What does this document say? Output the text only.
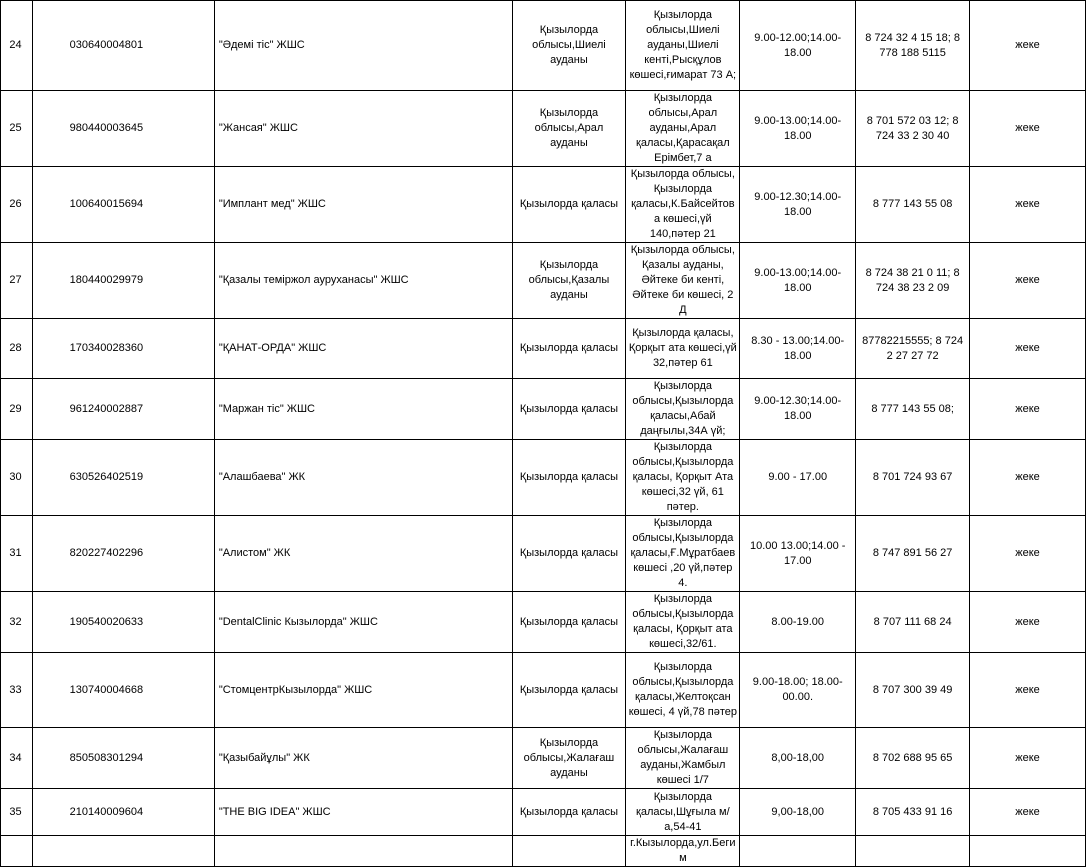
24	030640004801	"Әдемі тіс" ЖШС	Қызылорда облысы,Шиелі ауданы	Қызылорда облысы,Шиелі ауданы,Шиелі кенті,Рысқұлов көшесі,ғимарат 73 А;	9.00-12.00;14.00-18.00	8 724 32 4 15 18; 8 778 188 5115	жеке
25	980440003645	"Жансая" ЖШС	Қызылорда облысы,Арал ауданы	Қызылорда облысы,Арал ауданы,Арал қаласы,Қарасақал Ерімбет,7 а	9.00-13.00;14.00-18.00	8 701 572 03 12; 8 724 33 2 30 40	жеке
26	100640015694	"Имплант мед" ЖШС	Қызылорда қаласы	Қызылорда облысы, Қызылорда қаласы,К.Байсейтов а көшесі,үй 140,пәтер 21	9.00-12.30;14.00-18.00	8 777 143 55 08	жеке
27	180440029979	"Қазалы теміржол ауруханасы" ЖШС	Қызылорда облысы,Қазалы ауданы	Қызылорда облысы, Қазалы ауданы, Әйтеке би кенті, Әйтеке би көшесі, 2 Д	9.00-13.00;14.00-18.00	8 724 38 21 0 11; 8 724 38 23 2 09	жеке
28	170340028360	"ҚАНАТ-ОРДА" ЖШС	Қызылорда қаласы	Қызылорда қаласы, Қорқыт ата көшесі,үй 32,пәтер 61	8.30 - 13.00;14.00-18.00	87782215555; 8 724 2 27 27 72	жеке
29	961240002887	"Маржан тіс" ЖШС	Қызылорда қаласы	Қызылорда облысы,Қызылорда қаласы,Абай даңғылы,34А үй;	9.00-12.30;14.00-18.00	8 777 143 55 08;	жеке
30	630526402519	"Алашбаева" ЖК	Қызылорда қаласы	Қызылорда облысы,Қызылорда қаласы, Қорқыт Ата көшесі,32 үй, 61 пәтер.	9.00 - 17.00	8 701 724 93 67	жеке
31	820227402296	"Алистом" ЖК	Қызылорда қаласы	Қызылорда облысы,Қызылорда қаласы,Ғ.Мұратбаев көшесі ,20 үй,пәтер 4.	10.00 13.00;14.00 - 17.00	8 747 891 56 27	жеке
32	190540020633	"DentalClinic Кызылорда" ЖШС	Қызылорда қаласы	Қызылорда облысы,Қызылорда қаласы, Қорқыт ата көшесі,32/61.	8.00-19.00	8 707 111 68 24	жеке
33	130740004668	"СтомцентрКызылорда" ЖШС	Қызылорда қаласы	Қызылорда облысы,Қызылорда қаласы,Желтоқсан көшесі, 4 үй,78 пәтер	9.00-18.00; 18.00-00.00.	8 707 300 39 49	жеке
34	850508301294	"Қазыбайұлы" ЖК	Қызылорда облысы,Жалағаш ауданы	Қызылорда облысы,Жалағаш ауданы,Жамбыл көшесі 1/7	8,00-18,00	8 702 688 95 65	жеке
35	210140009604	"THE BIG IDEA" ЖШС	Қызылорда қаласы	Қызылорда қаласы,Шұғыла м/а,54-41	9,00-18,00	8 705 433 91 16	жеке
				г.Кызылорда,ул.Бегим			
